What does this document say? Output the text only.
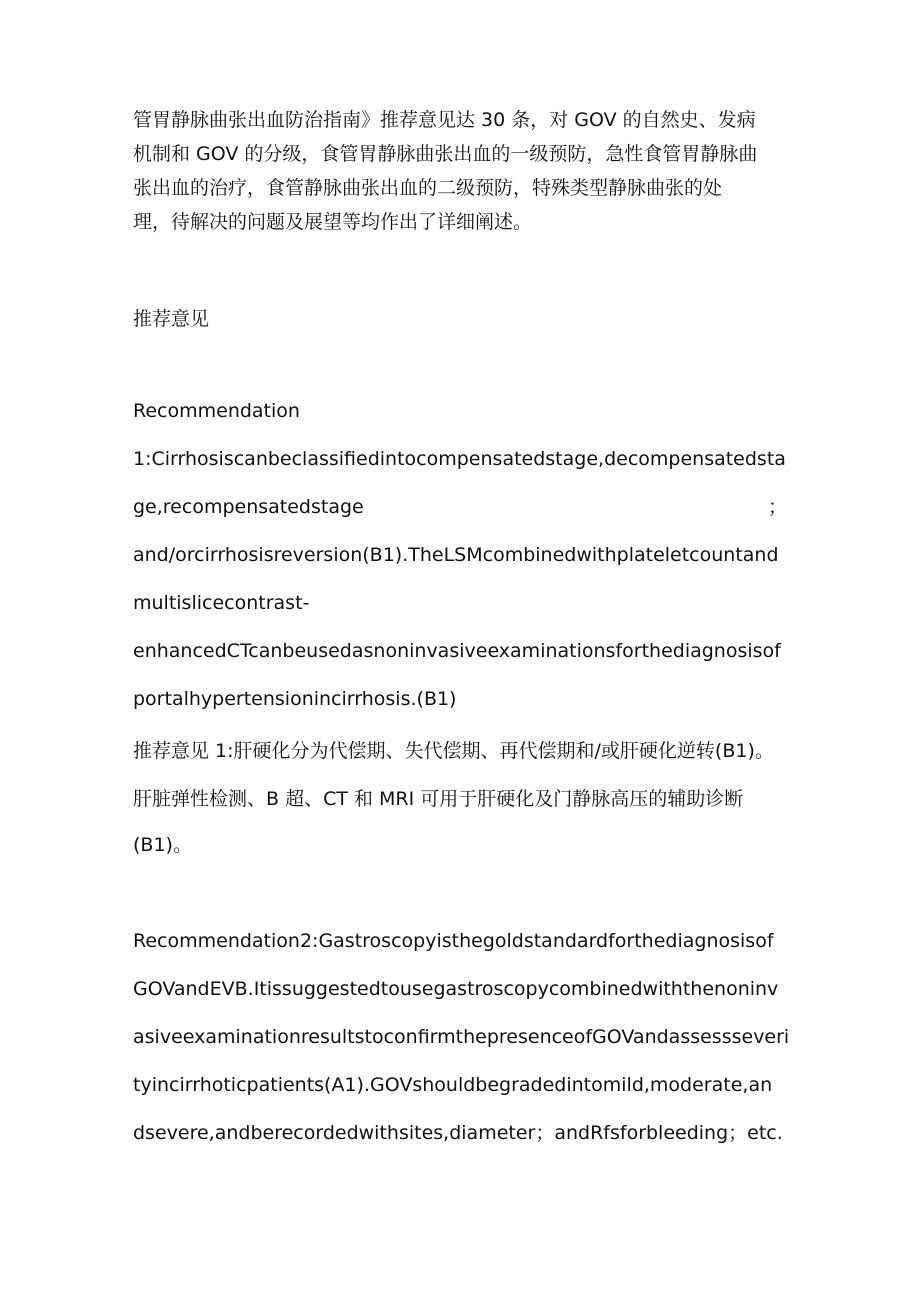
管胃静脉曲张出血防治指南》推荐意见达 30 条，对 GOV 的自然史、发病
机制和 GOV 的分级，食管胃静脉曲张出血的一级预防，急性食管胃静脉曲
张出血的治疗，食管静脉曲张出血的二级预防，特殊类型静脉曲张的处
理，待解决的问题及展望等均作出了详细阐述。
推荐意见
Recommendation
1:Cirrhosiscanbeclassifiedintocompensatedstage,decompensatedsta
ge,recompensatedstage	；
and/orcirrhosisreversion(B1).TheLSMcombinedwithplateletcountand
multislicecontrast-
enhancedCTcanbeusedasnoninvasiveexaminationsforthediagnosisof
portalhypertensionincirrhosis.(B1)
推荐意见 1:肝硬化分为代偿期、失代偿期、再代偿期和/或肝硬化逆转(B1)。
肝脏弹性检测、B 超、CT 和 MRI 可用于肝硬化及门静脉高压的辅助诊断
(B1)。
Recommendation2:Gastroscopyisthegoldstandardforthediagnosisof
GOVandEVB.Itissuggestedtousegastroscopycombinedwiththenoninv
asiveexaminationresultstoconfirmthepresenceofGOVandassessseveri
tyincirrhoticpatients(A1).GOVshouldbegradedintomild,moderate,an
dsevere,andberecordedwithsites,diameter；andRfsforbleeding；etc.
